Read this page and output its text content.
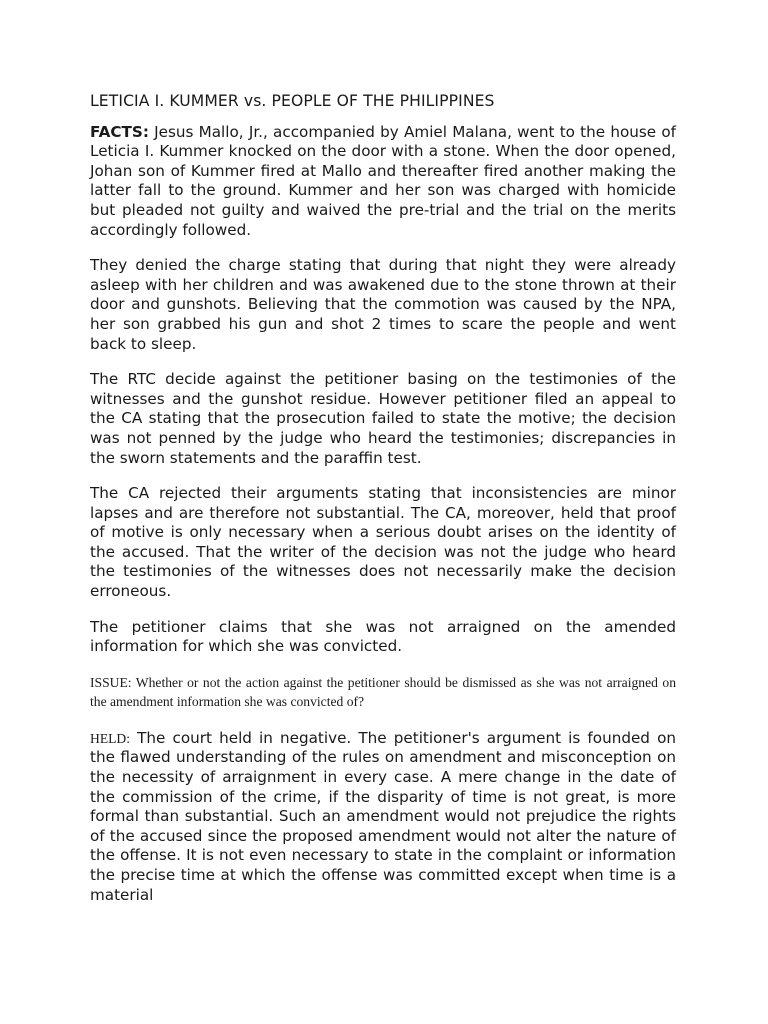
LETICIA I. KUMMER vs. PEOPLE OF THE PHILIPPINES

FACTS: Jesus Mallo, Jr., accompanied by Amiel Malana, went to the house of Leticia I. Kummer knocked on the door with a stone. When the door opened, Johan son of Kummer fired at Mallo and thereafter fired another making the latter fall to the ground. Kummer and her son was charged with homicide but pleaded not guilty and waived the pre-trial and the trial on the merits accordingly followed.

They denied the charge stating that during that night they were already asleep with her children and was awakened due to the stone thrown at their door and gunshots. Believing that the commotion was caused by the NPA, her son grabbed his gun and shot 2 times to scare the people and went back to sleep.

The RTC decide against the petitioner basing on the testimonies of the witnesses and the gunshot residue. However petitioner filed an appeal to the CA stating that the prosecution failed to state the motive; the decision was not penned by the judge who heard the testimonies; discrepancies in the sworn statements and the paraffin test.

The CA rejected their arguments stating that inconsistencies are minor lapses and are therefore not substantial. The CA, moreover, held that proof of motive is only necessary when a serious doubt arises on the identity of the accused. That the writer of the decision was not the judge who heard the testimonies of the witnesses does not necessarily make the decision erroneous.

The petitioner claims that she was not arraigned on the amended information for which she was convicted.

ISSUE: Whether or not the action against the petitioner should be dismissed as she was not arraigned on the amendment information she was convicted of?

HELD: The court held in negative. The petitioner's argument is founded on the flawed understanding of the rules on amendment and misconception on the necessity of arraignment in every case. A mere change in the date of the commission of the crime, if the disparity of time is not great, is more formal than substantial. Such an amendment would not prejudice the rights of the accused since the proposed amendment would not alter the nature of the offense. It is not even necessary to state in the complaint or information the precise time at which the offense was committed except when time is a material
